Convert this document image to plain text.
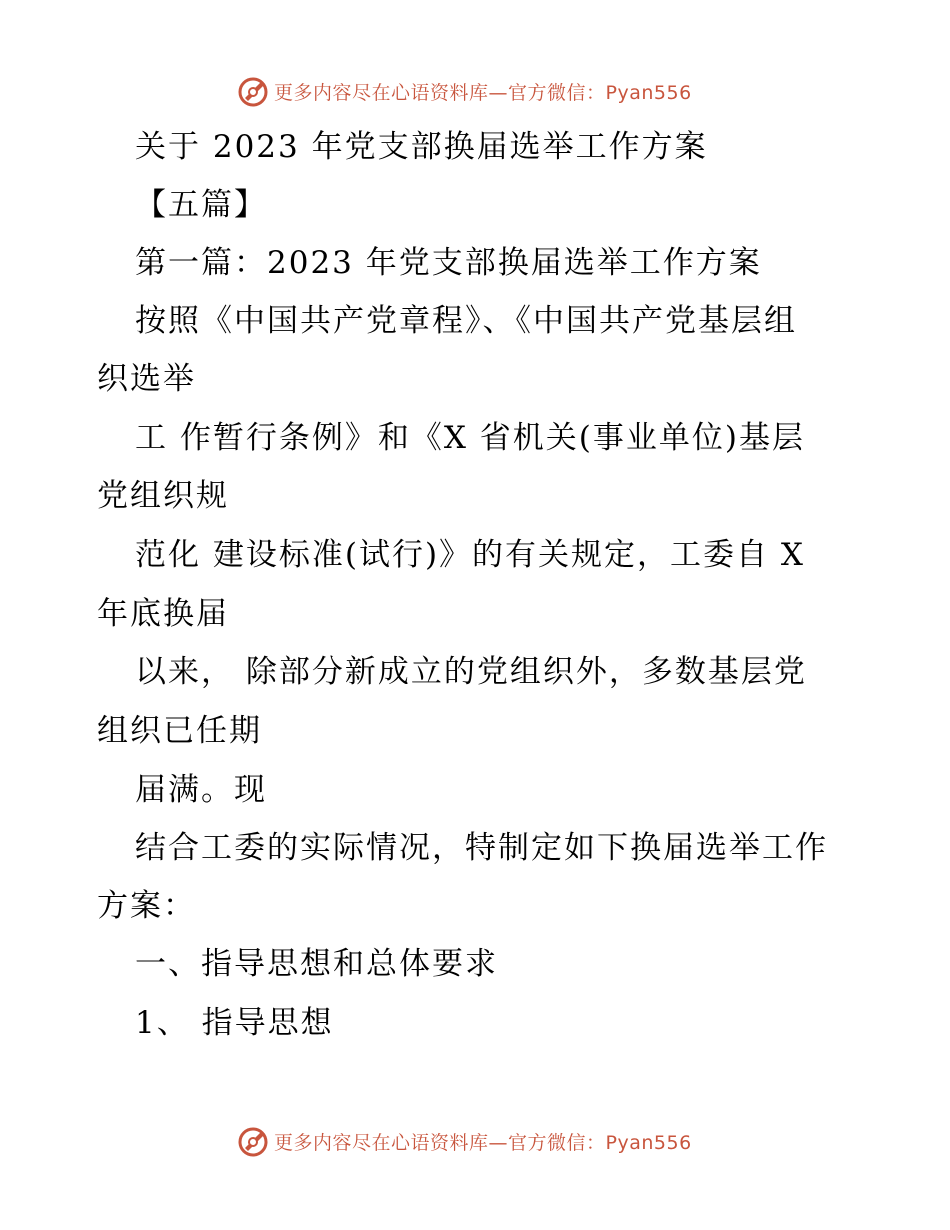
更多内容尽在心语资料库—官方微信：Pyan556
关于 2023 年党支部换届选举工作方案
【五篇】
第一篇：2023 年党支部换届选举工作方案
按照《中国共产党章程》、《中国共产党基层组
织选举
工 作暂行条例》和《X 省机关(事业单位)基层
党组织规
范化 建设标准(试行)》的有关规定，工委自 X
年底换届
以来， 除部分新成立的党组织外，多数基层党
组织已任期
届满。现
结合工委的实际情况，特制定如下换届选举工作
方案：
一、指导思想和总体要求
1、 指导思想
更多内容尽在心语资料库—官方微信：Pyan556
